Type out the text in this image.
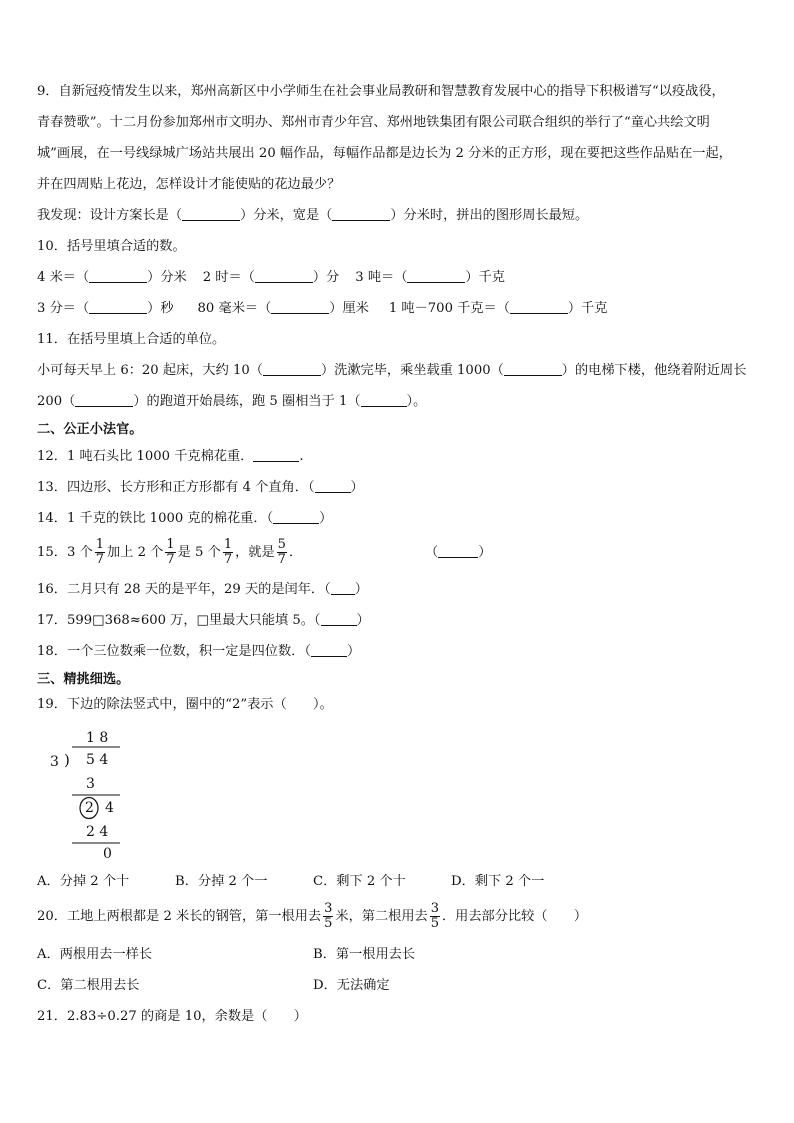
9．自新冠疫情发生以来，郑州高新区中小学师生在社会事业局教研和智慧教育发展中心的指导下积极谱写“以疫战役，
青春赞歌”。十二月份参加郑州市文明办、郑州市青少年宫、郑州地铁集团有限公司联合组织的举行了“童心共绘文明
城”画展，在一号线绿城广场站共展出 20 幅作品，每幅作品都是边长为 2 分米的正方形，现在要把这些作品贴在一起，
并在四周贴上花边，怎样设计才能使贴的花边最少？
我发现：设计方案长是（	）分米，宽是（	）分米时，拼出的图形周长最短。
10．括号里填合适的数。
4 米＝（	）分米 2 时＝（	）分 3 吨＝（	）千克
3 分＝（	）秒 80 毫米＝（	）厘米 1 吨－700 千克＝（	）千克
11．在括号里填上合适的单位。
小可每天早上 6：20 起床，大约 10（	）洗漱完毕，乘坐载重 1000（	）的电梯下楼，他绕着附近周长
200（	）的跑道开始晨练，跑 5 圈相当于 1（	）。
二、公正小法官。
12．1 吨石头比 1000 千克棉花重．	.
13．四边形、长方形和正方形都有 4 个直角．（	）
14．1 千克的铁比 1000 克的棉花重．（	）
15．3 个 $\frac{1}{7}$ 加上 2 个 $\frac{1}{7}$ 是 5 个 $\frac{1}{7}$ ，就是 $\frac{5}{7}$ ．	（	）
16．二月只有 28 天的是平年，29 天的是闰年．（ ）
17．599□368≈600 万，□里最大只能填 5。（	）
18．一个三位数乘一位数，积一定是四位数．（	）
三、精挑细选。
19．下边的除法竖式中，圈中的“2”表示（　　）。
1 8
3 ) 5 4
3
2 4
2 4
0
A．分掉 2 个十	B．分掉 2 个一	C．剩下 2 个十	D．剩下 2 个一
20．工地上两根都是 2 米长的钢管，第一根用去 $\frac{3}{5}$ 米，第二根用去 $\frac{3}{5}$ ．用去部分比较（　　）
A．两根用去一样长	B．第一根用去长
C．第二根用去长	D．无法确定
21．2.83÷0.27 的商是 10，余数是（　　）
